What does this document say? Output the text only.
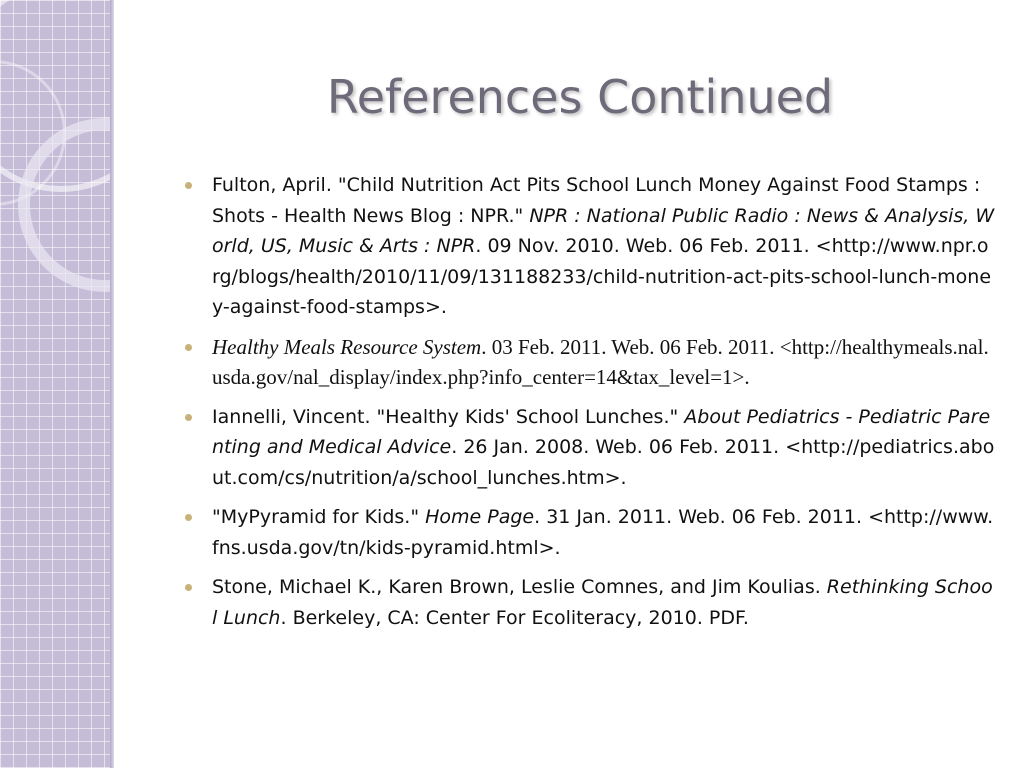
References Continued
Fulton, April. "Child Nutrition Act Pits School Lunch Money Against Food Stamps : Shots - Health News Blog : NPR." NPR : National Public Radio : News & Analysis, World, US, Music & Arts : NPR. 09 Nov. 2010. Web. 06 Feb. 2011. <http://www.npr.org/blogs/health/2010/11/09/131188233/child-nutrition-act-pits-school-lunch-money-against-food-stamps>.
Healthy Meals Resource System. 03 Feb. 2011. Web. 06 Feb. 2011. <http://healthymeals.nal.usda.gov/nal_display/index.php?info_center=14&tax_level=1>.
Iannelli, Vincent. "Healthy Kids' School Lunches." About Pediatrics - Pediatric Parenting and Medical Advice. 26 Jan. 2008. Web. 06 Feb. 2011. <http://pediatrics.about.com/cs/nutrition/a/school_lunches.htm>.
"MyPyramid for Kids." Home Page. 31 Jan. 2011. Web. 06 Feb. 2011. <http://www.fns.usda.gov/tn/kids-pyramid.html>.
Stone, Michael K., Karen Brown, Leslie Comnes, and Jim Koulias. Rethinking School Lunch. Berkeley, CA: Center For Ecoliteracy, 2010. PDF.
